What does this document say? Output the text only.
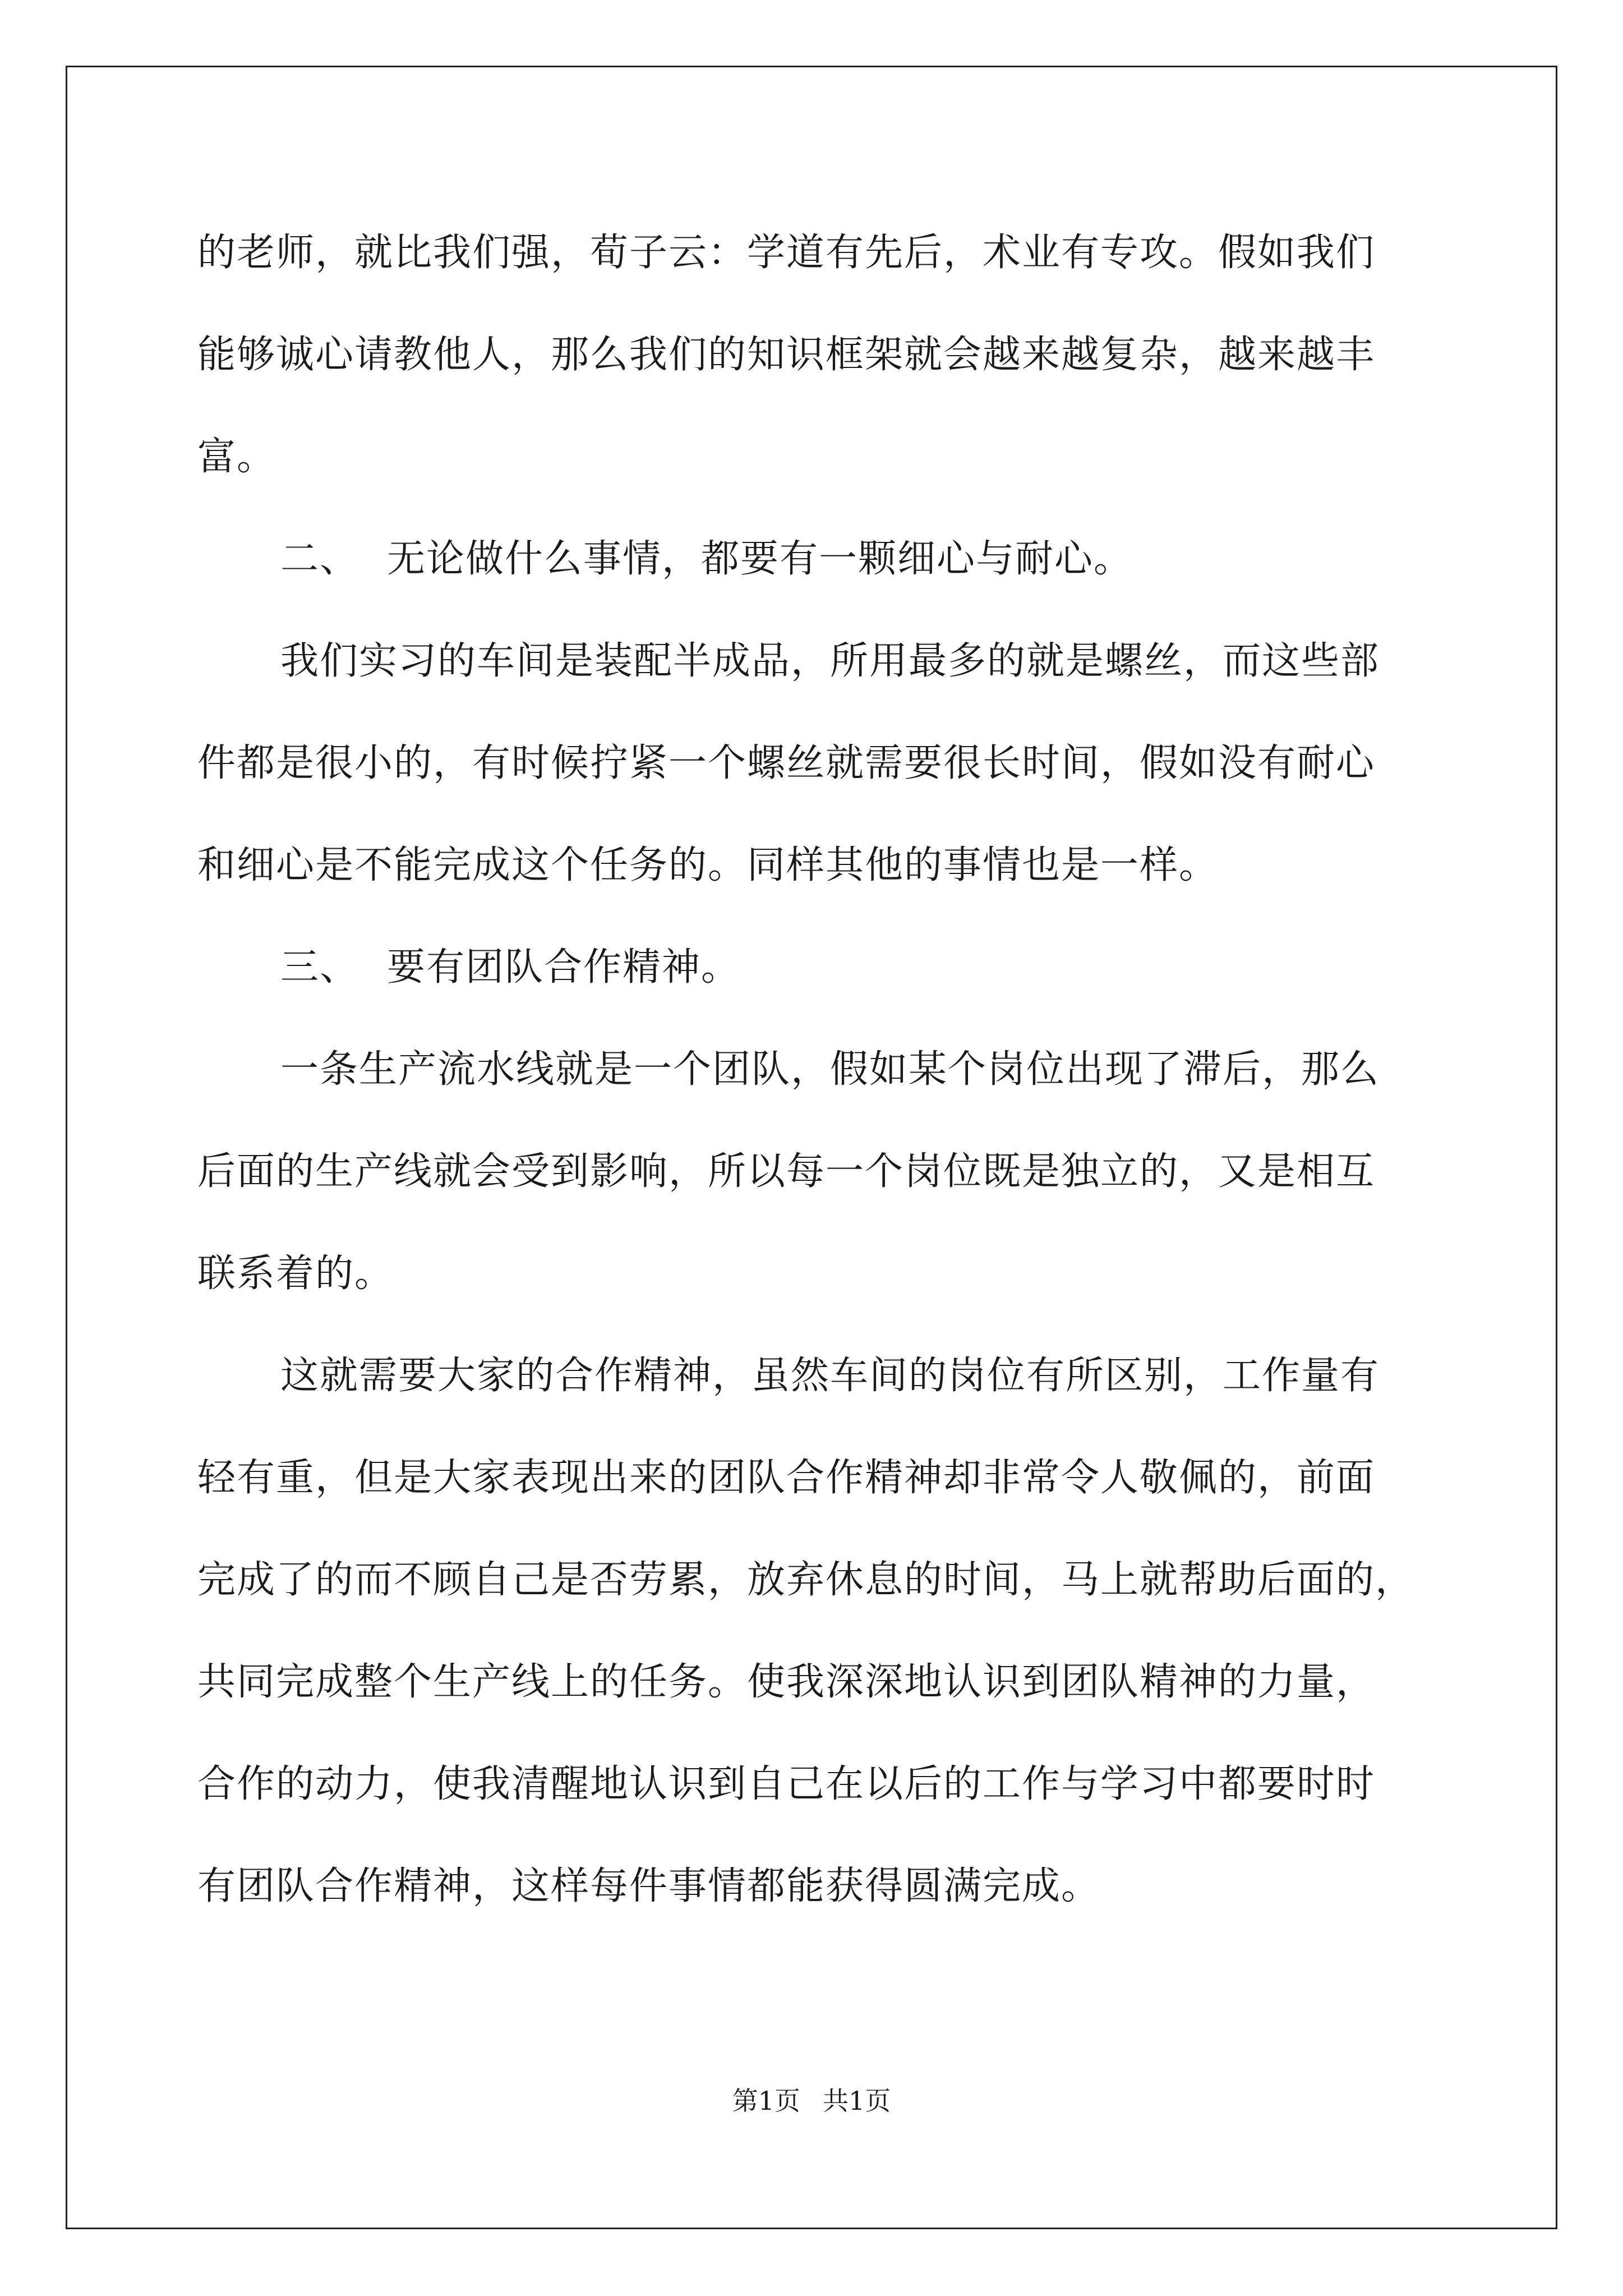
的老师，就比我们强，荀子云：学道有先后，术业有专攻。假如我们
能够诚心请教他人，那么我们的知识框架就会越来越复杂，越来越丰
富。
二、 无论做什么事情，都要有一颗细心与耐心。
我们实习的车间是装配半成品，所用最多的就是螺丝，而这些部
件都是很小的，有时候拧紧一个螺丝就需要很长时间，假如没有耐心
和细心是不能完成这个任务的。同样其他的事情也是一样。
三、 要有团队合作精神。
一条生产流水线就是一个团队，假如某个岗位出现了滞后，那么
后面的生产线就会受到影响，所以每一个岗位既是独立的，又是相互
联系着的。
这就需要大家的合作精神，虽然车间的岗位有所区别，工作量有
轻有重，但是大家表现出来的团队合作精神却非常令人敬佩的，前面
完成了的而不顾自己是否劳累，放弃休息的时间，马上就帮助后面的，
共同完成整个生产线上的任务。使我深深地认识到团队精神的力量，
合作的动力，使我清醒地认识到自己在以后的工作与学习中都要时时
有团队合作精神，这样每件事情都能获得圆满完成。
第1页 共1页
